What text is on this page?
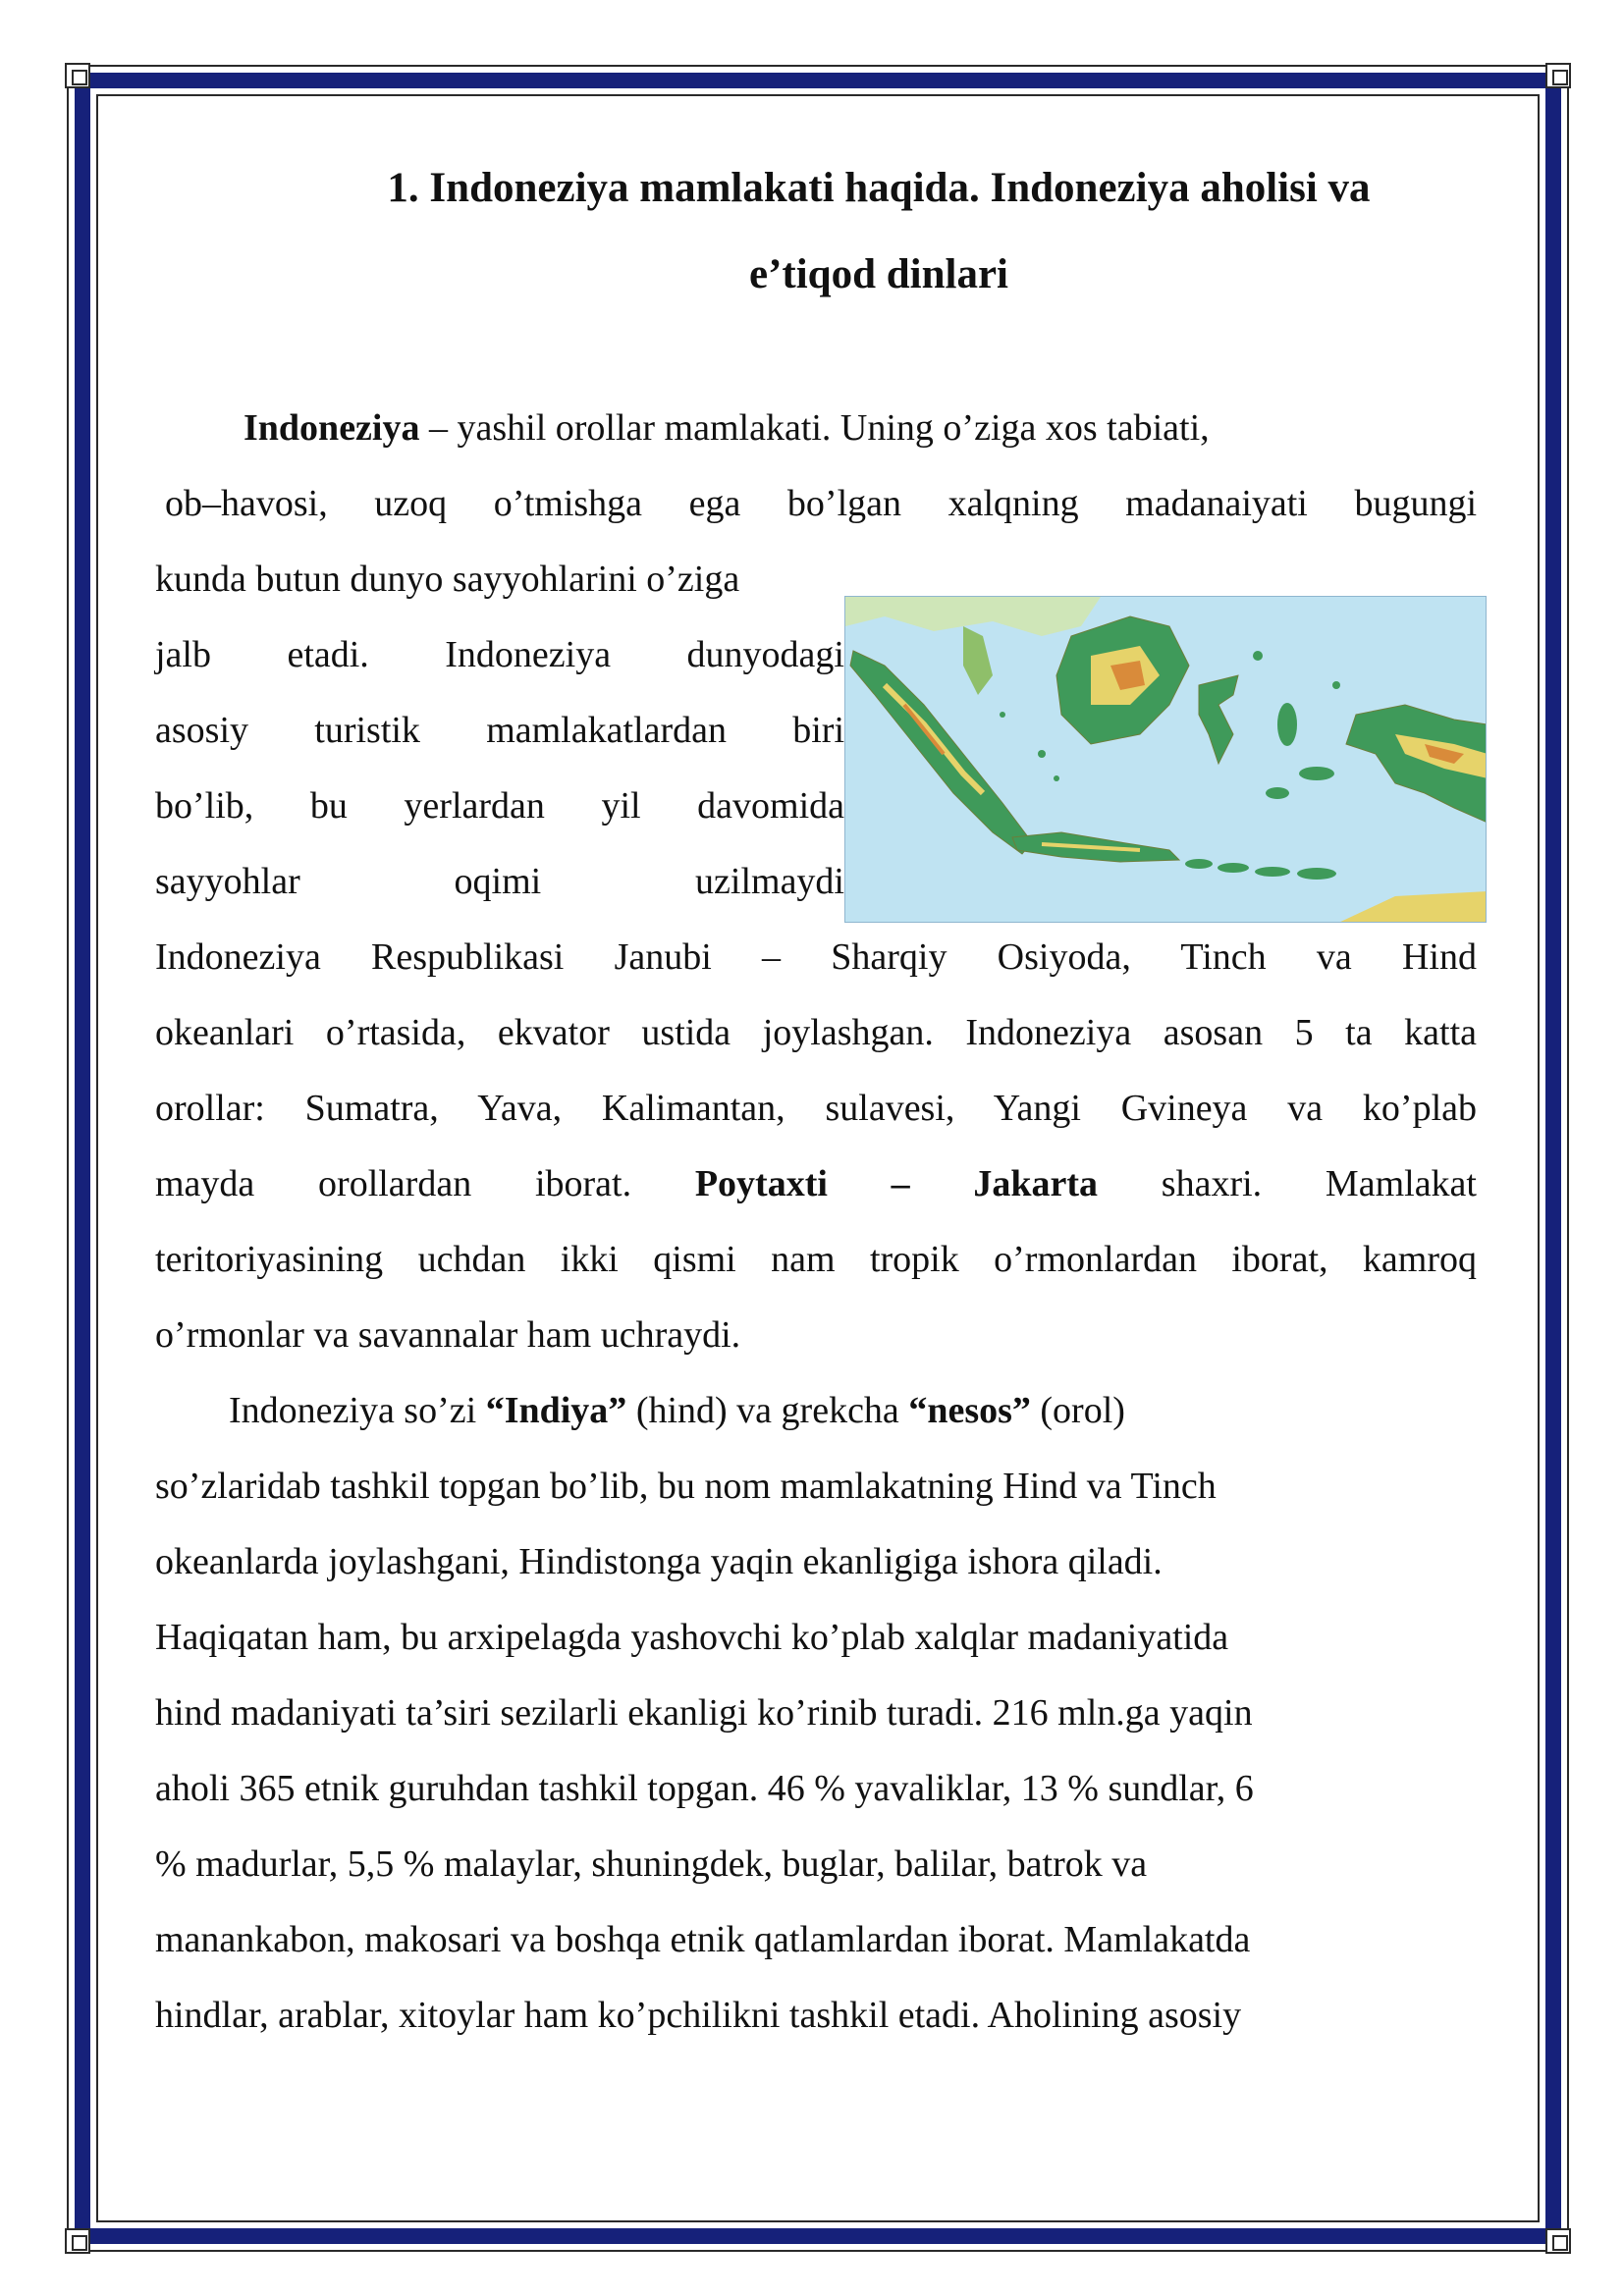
1. Indoneziya mamlakati haqida. Indoneziya aholisi va
e’tiqod dinlari
Indoneziya – yashil orollar mamlakati. Uning o’ziga xos tabiati,
ob–havosi, uzoq o’tmishga ega bo’lgan xalqning madanaiyati bugungi
kunda butun dunyo sayyohlarini o’ziga
jalb etadi. Indoneziya dunyodagi
asosiy turistik mamlakatlardan biri
bo’lib, bu yerlardan yil davomida
sayyohlar oqimi uzilmaydi
Indoneziya Respublikasi Janubi – Sharqiy Osiyoda, Tinch va Hind
okeanlari o’rtasida, ekvator ustida joylashgan. Indoneziya asosan 5 ta katta
orollar: Sumatra, Yava, Kalimantan, sulavesi, Yangi Gvineya va ko’plab
mayda orollardan iborat. Poytaxti – Jakarta shaxri. Mamlakat
teritoriyasining uchdan ikki qismi nam tropik o’rmonlardan iborat, kamroq
o’rmonlar va savannalar ham uchraydi.
Indoneziya so’zi “Indiya” (hind) va grekcha “nesos” (orol)
so’zlaridab tashkil topgan bo’lib, bu nom mamlakatning Hind va Tinch
okeanlarda joylashgani, Hindistonga yaqin ekanligiga ishora qiladi.
Haqiqatan ham, bu arxipelagda yashovchi ko’plab xalqlar madaniyatida
hind madaniyati ta’siri sezilarli ekanligi ko’rinib turadi. 216 mln.ga yaqin
aholi 365 etnik guruhdan tashkil topgan. 46 % yavaliklar, 13 % sundlar, 6
% madurlar, 5,5 % malaylar, shuningdek, buglar, balilar, batrok va
manankabon, makosari va boshqa etnik qatlamlardan iborat. Mamlakatda
hindlar, arablar, xitoylar ham ko’pchilikni tashkil etadi. Aholining asosiy
